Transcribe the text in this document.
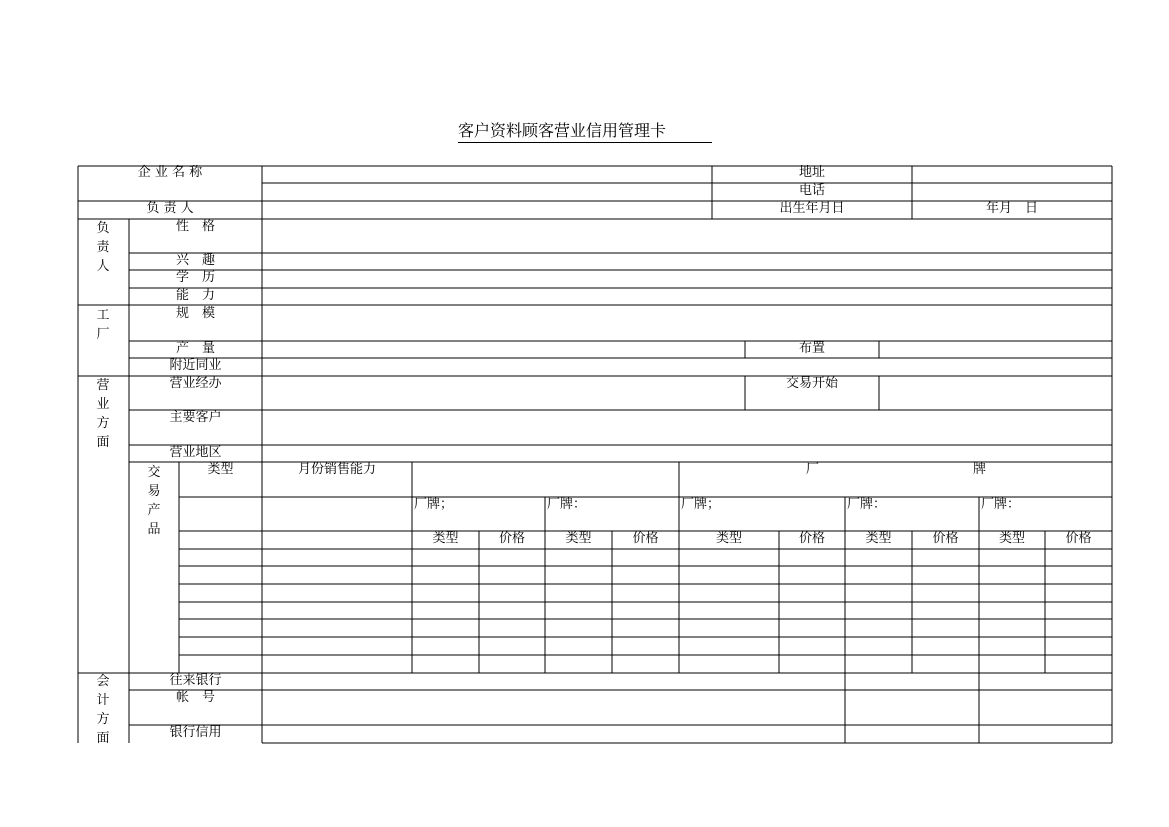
客户资料顾客营业信用管理卡
企 业 名 称	地址
电话
负 责 人	出生年月日	年月　日
负责人
性　格
兴　趣
学　历
能　力
工厂
规　模
产　量	布置
附近同业
营业方面
营业经办	交易开始
主要客户
营业地区
交易产品
类型	月份销售能力	厂	牌
厂牌；	厂牌：	厂牌；	厂牌：	厂牌：
类型	价格	类型	价格	类型	价格	类型	价格	类型	价格
会计方面
往来银行
帐　号
银行信用
